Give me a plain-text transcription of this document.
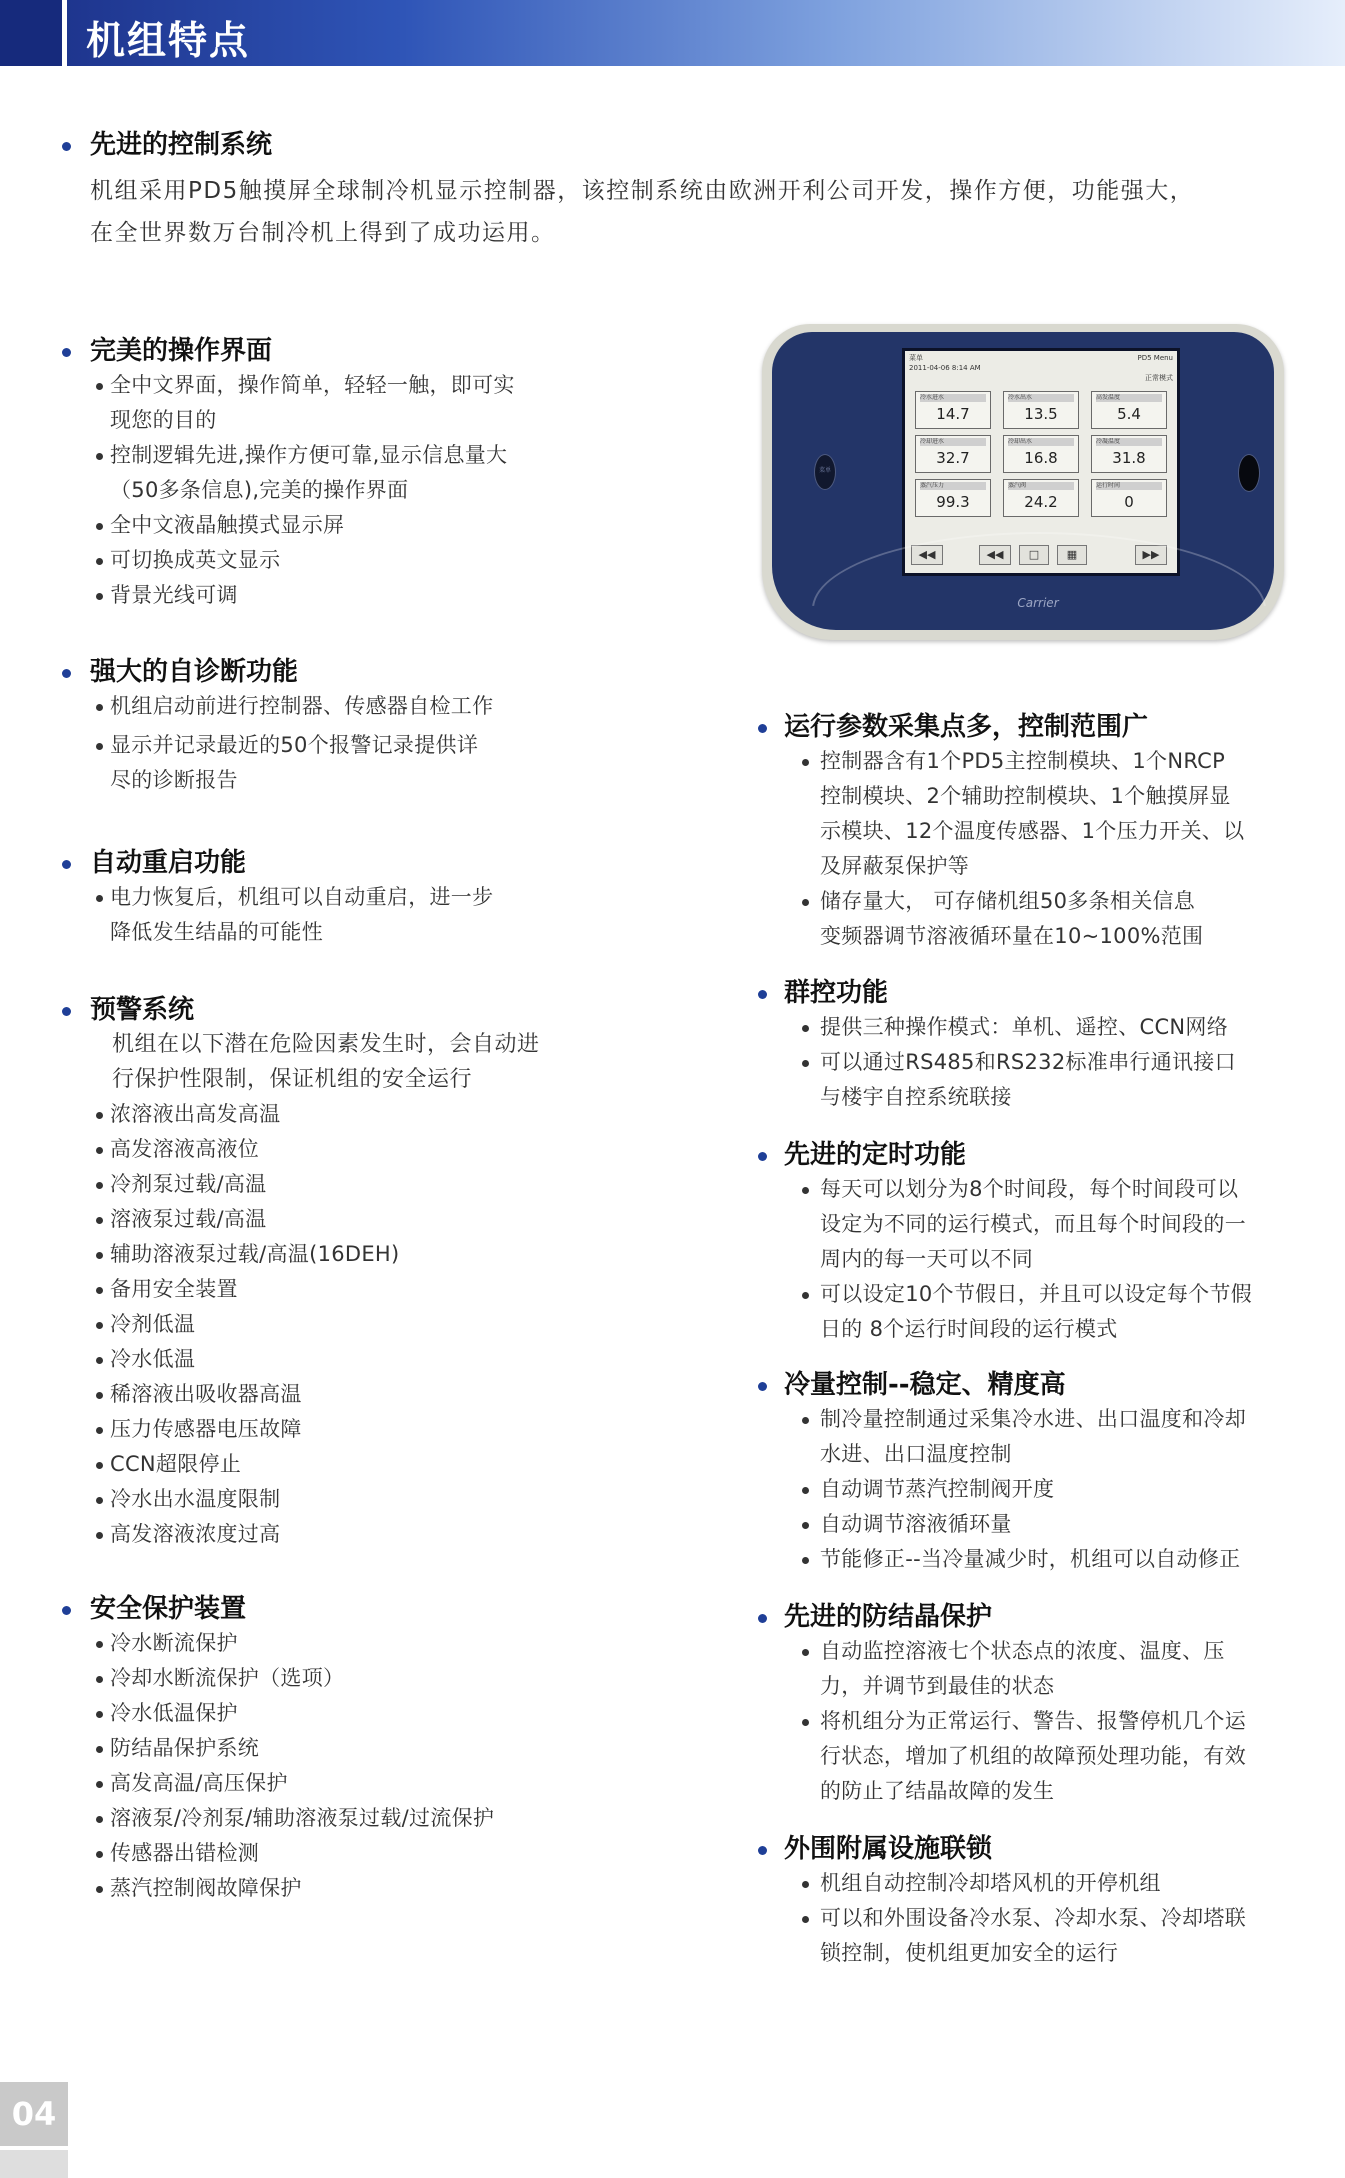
机组特点
先进的控制系统
机组采用PD5触摸屏全球制冷机显示控制器，该控制系统由欧洲开利公司开发，操作方便，功能强大，
在全世界数万台制冷机上得到了成功运用。
完美的操作界面
全中文界面，操作简单，轻轻一触，即可实
现您的目的
控制逻辑先进,操作方便可靠,显示信息量大
（50多条信息),完美的操作界面
全中文液晶触摸式显示屏
可切换成英文显示
背景光线可调
强大的自诊断功能
机组启动前进行控制器、传感器自检工作
显示并记录最近的50个报警记录提供详
尽的诊断报告
自动重启功能
电力恢复后，机组可以自动重启，进一步
降低发生结晶的可能性
预警系统
机组在以下潜在危险因素发生时，会自动进
行保护性限制，保证机组的安全运行
浓溶液出高发高温
高发溶液高液位
冷剂泵过载/高温
溶液泵过载/高温
辅助溶液泵过载/高温(16DEH)
备用安全装置
冷剂低温
冷水低温
稀溶液出吸收器高温
压力传感器电压故障
CCN超限停止
冷水出水温度限制
高发溶液浓度过高
安全保护装置
冷水断流保护
冷却水断流保护（选项）
冷水低温保护
防结晶保护系统
高发高温/高压保护
溶液泵/冷剂泵/辅助溶液泵过载/过流保护
传感器出错检测
蒸汽控制阀故障保护
菜单
菜单
2011-04-06 8:14 AM
PD5 Menu
正常模式
冷水进水
14.7
冷水出水
13.5
高发温度
5.4
冷却进水
32.7
冷却出水
16.8
冷凝温度
31.8
蒸汽压力
99.3
蒸汽阀
24.2
运行时间
0
◀◀	◀◀	□	▦	▶▶
Carrier
运行参数采集点多，控制范围广
控制器含有1个PD5主控制模块、1个NRCP
控制模块、2个辅助控制模块、1个触摸屏显
示模块、12个温度传感器、1个压力开关、以
及屏蔽泵保护等
储存量大， 可存储机组50多条相关信息
变频器调节溶液循环量在10~100%范围
群控功能
提供三种操作模式：单机、遥控、CCN网络
可以通过RS485和RS232标准串行通讯接口
与楼宇自控系统联接
先进的定时功能
每天可以划分为8个时间段，每个时间段可以
设定为不同的运行模式，而且每个时间段的一
周内的每一天可以不同
可以设定10个节假日，并且可以设定每个节假
日的 8个运行时间段的运行模式
冷量控制--稳定、精度高
制冷量控制通过采集冷水进、出口温度和冷却
水进、出口温度控制
自动调节蒸汽控制阀开度
自动调节溶液循环量
节能修正--当冷量减少时，机组可以自动修正
先进的防结晶保护
自动监控溶液七个状态点的浓度、温度、压
力，并调节到最佳的状态
将机组分为正常运行、警告、报警停机几个运
行状态，增加了机组的故障预处理功能，有效
的防止了结晶故障的发生
外围附属设施联锁
机组自动控制冷却塔风机的开停机组
可以和外围设备冷水泵、冷却水泵、冷却塔联
锁控制，使机组更加安全的运行
04
